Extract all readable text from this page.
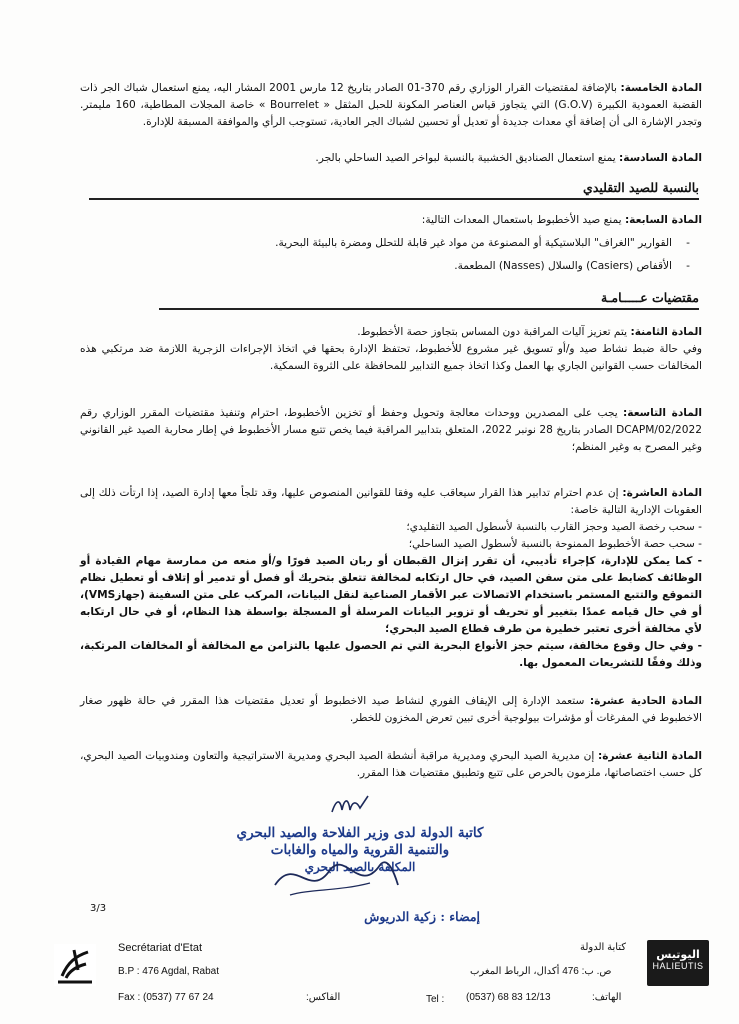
المادة الخامسة: بالإضافة لمقتضيات القرار الوزاري رقم 370-01 الصادر بتاريخ 12 مارس 2001 المشار اليه، يمنع استعمال شباك الجر ذات القضبة العمودية الكبيرة (G.O.V) التي يتجاوز قياس العناصر المكونة للحبل المثقل « Bourrelet » خاصة المجلات المطاطية، 160 مليمتر. وتجدر الإشارة الى أن إضافة أي معدات جديدة أو تعديل أو تحسين لشباك الجر العادية، تستوجب الرأي والموافقة المسبقة للإدارة.

المادة السادسة: يمنع استعمال الصناديق الخشبية بالنسبة لبواخر الصيد الساحلي بالجر.

بالنسبة للصيد التقليدي

المادة السابعة: يمنع صيد الأخطبوط باستعمال المعدات التالية:

- القوارير "الغراف" البلاستيكية أو المصنوعة من مواد غير قابلة للتحلل ومضرة بالبيئة البحرية.
- الأقفاص (Casiers) والسلال (Nasses) المطعمة.
مقتضيات عـــــامـة

المادة الثامنة: يتم تعزيز آليات المراقبة دون المساس بتجاوز حصة الأخطبوط.

وفي حالة ضبط نشاط صيد و/أو تسويق غير مشروع للأخطبوط، تحتفظ الإدارة بحقها في اتخاذ الإجراءات الزجرية اللازمة ضد مرتكبي هذه المخالفات حسب القوانين الجاري بها العمل وكذا اتخاذ جميع التدابير للمحافظة على الثروة السمكية.

المادة التاسعة: يجب على المصدرين ووحدات معالجة وتحويل وحفظ أو تخزين الأخطبوط، احترام وتنفيذ مقتضيات المقرر الوزاري رقم 2022/DCAPM/02 الصادر بتاريخ 28 نونبر 2022، المتعلق بتدابير المراقبة فيما يخص تتبع مسار الأخطبوط في إطار محاربة الصيد غير القانوني وغير المصرح به وغير المنظم؛

المادة العاشرة: إن عدم احترام تدابير هذا القرار سيعاقب عليه وفقا للقوانين المنصوص عليها، وقد تلجأ معها إدارة الصيد، إذا ارتأت ذلك إلى العقوبات الإدارية التالية خاصة:

- سحب رخصة الصيد وحجز القارب بالنسبة لأسطول الصيد التقليدي؛

- سحب حصة الأخطبوط الممنوحة بالنسبة لأسطول الصيد الساحلي؛

- كما يمكن للإدارة، كإجراء تأديبي، أن تقرر إنزال القبطان أو ربان الصيد فورًا و/أو منعه من ممارسة مهام القيادة أو الوظائف كضابط على متن سفن الصيد، في حال ارتكابه لمخالفة تتعلق بتحريك أو فصل أو تدمير أو إتلاف أو تعطيل نظام التموقع والتتبع المستمر باستخدام الاتصالات عبر الأقمار الصناعية لنقل البيانات، المركب على متن السفينة (جهازVMS)، أو في حال قيامه عمدًا بتغيير أو تحريف أو تزوير البيانات المرسلة أو المسجلة بواسطة هذا النظام، أو في حال ارتكابه لأي مخالفة أخرى تعتبر خطيرة من طرف قطاع الصيد البحري؛

- وفي حال وقوع مخالفة، سيتم حجز الأنواع البحرية التي تم الحصول عليها بالتزامن مع المخالفة أو المخالفات المرتكبة، وذلك وفقًا للتشريعات المعمول بها.

المادة الحادية عشرة: ستعمد الإدارة إلى الإيقاف الفوري لنشاط صيد الاخطبوط أو تعديل مقتضيات هذا المقرر في حالة ظهور صغار الاخطبوط في المفرغات أو مؤشرات بيولوجية أخرى تبين تعرض المخزون للخطر.

المادة الثانية عشرة: إن مديرية الصيد البحري ومديرية مراقبة أنشطة الصيد البحري ومديرية الاستراتيجية والتعاون ومندوبيات الصيد البحري، كل حسب اختصاصاتها، ملزمون بالحرص على تتبع وتطبيق مقتضيات هذا المقرر.

كاتبة الدولة لدى وزير الفلاحة والصيد البحري
والتنمية القروية والمياه والغابات
المكلفة بالصيد البحري
إمضاء : زكية الدريوش
3/3
Secrétariat d'Etat
B.P : 476 Agdal, Rabat
Fax : (0537) 77 67 24	الفاكس:	Tel : (0537) 68 83 12/13	الهاتف:
كتابة الدولة
ص. ب: 476 أكدال، الرباط المغرب
اليوتيس
HALIEUTIS
